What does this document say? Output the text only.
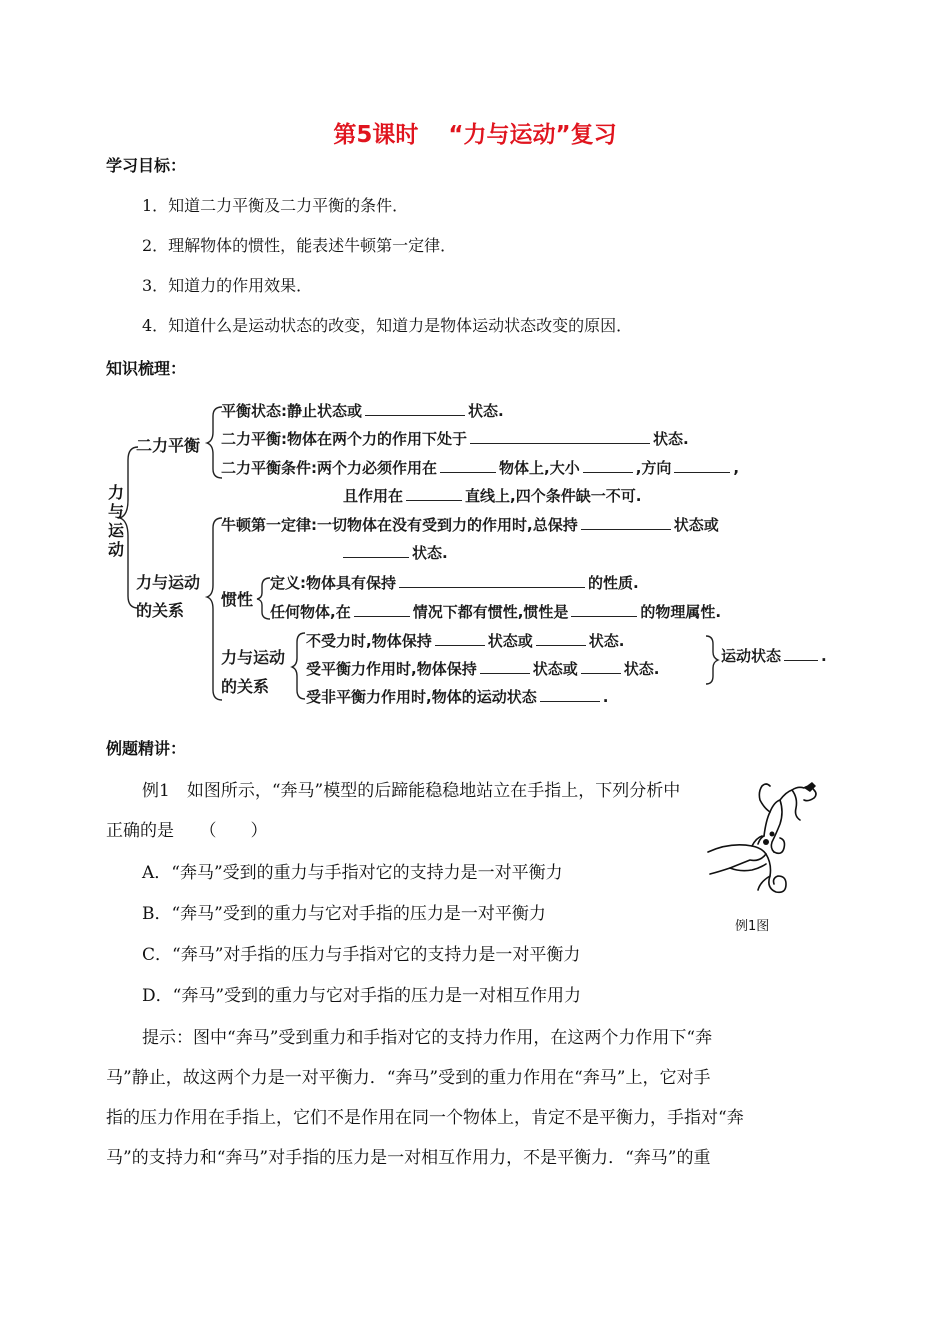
第5课时 “力与运动”复习
学习目标：
1．知道二力平衡及二力平衡的条件．
2．理解物体的惯性，能表述牛顿第一定律．
3．知道力的作用效果．
4．知道什么是运动状态的改变，知道力是物体运动状态改变的原因．
知识梳理：
力与运动
二力平衡
平衡状态:静止状态或	状态.
二力平衡:物体在两个力的作用下处于	状态.
二力平衡条件:两个力必须作用在	物体上,大小	,方向	,
且作用在	直线上,四个条件缺一不可.
力与运动
的关系
牛顿第一定律:一切物体在没有受到力的作用时,总保持	状态或
状态.
惯性
定义:物体具有保持	的性质.
任何物体,在	情况下都有惯性,惯性是	的物理属性.
力与运动
的关系
不受力时,物体保持	状态或	状态.
受平衡力作用时,物体保持	状态或	状态.
受非平衡力作用时,物体的运动状态	.
运动状态	.
例题精讲：
例1　 如图所示，“奔马”模型的后蹄能稳稳地站立在手指上，下列分析中
正确的是　　（　　）
A．“奔马”受到的重力与手指对它的支持力是一对平衡力
B．“奔马”受到的重力与它对手指的压力是一对平衡力
C．“奔马”对手指的压力与手指对它的支持力是一对平衡力
D．“奔马”受到的重力与它对手指的压力是一对相互作用力
例1图
提示：图中“奔马”受到重力和手指对它的支持力作用，在这两个力作用下“奔
马”静止，故这两个力是一对平衡力．“奔马”受到的重力作用在“奔马”上，它对手
指的压力作用在手指上，它们不是作用在同一个物体上，肯定不是平衡力，手指对“奔
马”的支持力和“奔马”对手指的压力是一对相互作用力，不是平衡力．“奔马”的重
